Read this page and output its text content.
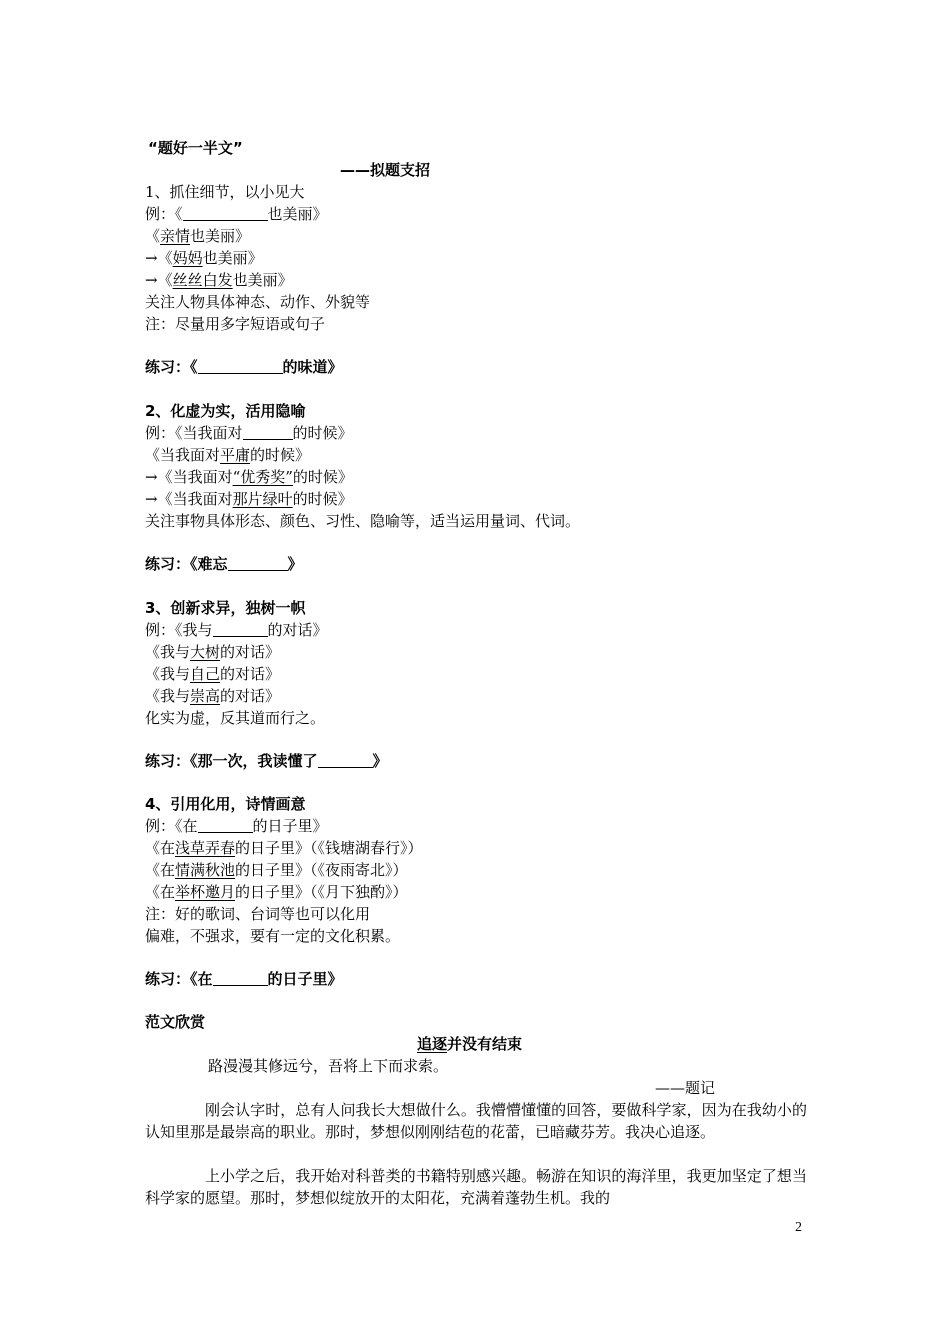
“题好一半文”
——拟题支招
1、抓住细节，以小见大
例：《	也美丽》
《亲情也美丽》
→《妈妈也美丽》
→《丝丝白发也美丽》
关注人物具体神态、动作、外貌等
注：尽量用多字短语或句子
练习：《	的味道》
2、化虚为实，活用隐喻
例：《当我面对	的时候》
《当我面对平庸的时候》
→《当我面对“优秀奖”的时候》
→《当我面对那片绿叶的时候》
关注事物具体形态、颜色、习性、隐喻等，适当运用量词、代词。
练习：《难忘	》
3、创新求异，独树一帜
例：《我与	的对话》
《我与大树的对话》
《我与自己的对话》
《我与崇高的对话》
化实为虚，反其道而行之。
练习：《那一次，我读懂了	》
4、引用化用，诗情画意
例：《在	的日子里》
《在浅草弄春的日子里》（《钱塘湖春行》）
《在情满秋池的日子里》（《夜雨寄北》）
《在举杯邀月的日子里》（《月下独酌》）
注：好的歌词、台词等也可以化用
偏难，不强求，要有一定的文化积累。
练习：《在	的日子里》
范文欣赏
追逐并没有结束
路漫漫其修远兮，吾将上下而求索。
——题记
刚会认字时，总有人问我长大想做什么。我懵懵懂懂的回答，要做科学家，因为在我幼小的认知里那是最崇高的职业。那时，梦想似刚刚结苞的花蕾，已暗藏芬芳。我决心追逐。
上小学之后，我开始对科普类的书籍特别感兴趣。畅游在知识的海洋里，我更加坚定了想当科学家的愿望。那时，梦想似绽放开的太阳花，充满着蓬勃生机。我的
2
